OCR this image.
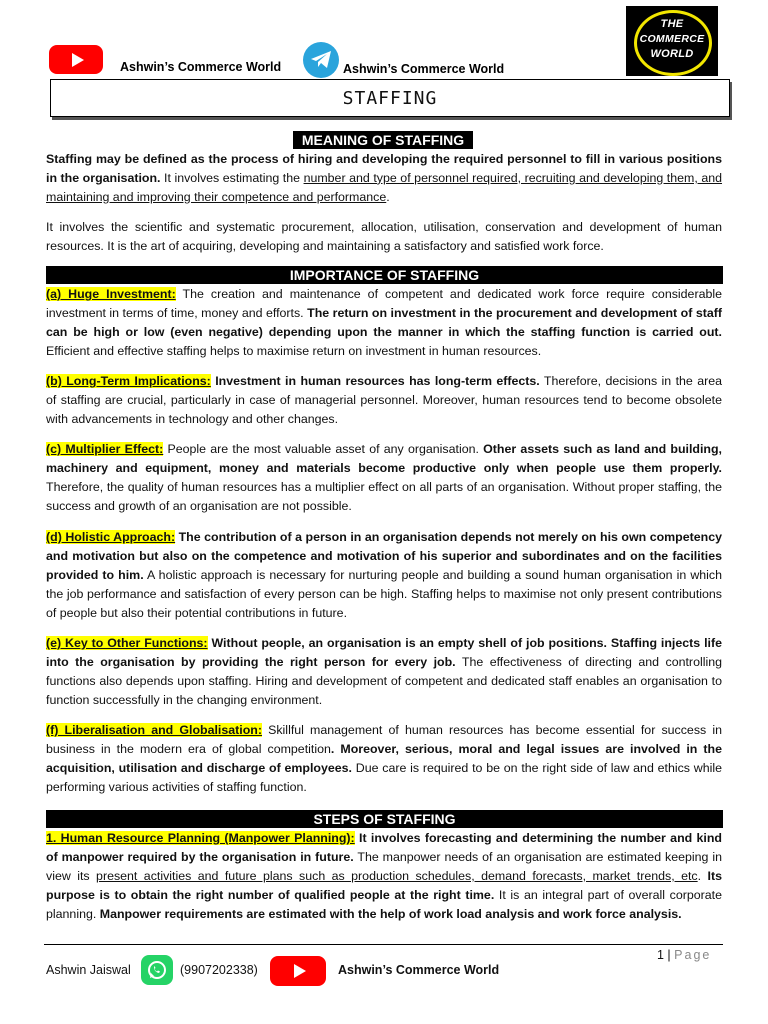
Ashwin’s Commerce World	Ashwin’s Commerce World
THE
COMMERCE
WORLD
STAFFING
MEANING OF STAFFING
Staffing may be defined as the process of hiring and developing the required personnel to fill in various positions in the organisation. It involves estimating the number and type of personnel required, recruiting and developing them, and maintaining and improving their competence and performance.
It involves the scientific and systematic procurement, allocation, utilisation, conservation and development of human resources. It is the art of acquiring, developing and maintaining a satisfactory and satisfied work force.
IMPORTANCE OF STAFFING
(a) Huge Investment: The creation and maintenance of competent and dedicated work force require considerable investment in terms of time, money and efforts. The return on investment in the procurement and development of staff can be high or low (even negative) depending upon the manner in which the staffing function is carried out. Efficient and effective staffing helps to maximise return on investment in human resources.
(b) Long-Term Implications: Investment in human resources has long-term effects. Therefore, decisions in the area of staffing are crucial, particularly in case of managerial personnel. Moreover, human resources tend to become obsolete with advancements in technology and other changes.
(c) Multiplier Effect: People are the most valuable asset of any organisation. Other assets such as land and building, machinery and equipment, money and materials become productive only when people use them properly. Therefore, the quality of human resources has a multiplier effect on all parts of an organisation. Without proper staffing, the success and growth of an organisation are not possible.
(d) Holistic Approach: The contribution of a person in an organisation depends not merely on his own competency and motivation but also on the competence and motivation of his superior and subordinates and on the facilities provided to him. A holistic approach is necessary for nurturing people and building a sound human organisation in which the job performance and satisfaction of every person can be high. Staffing helps to maximise not only present contributions of people but also their potential contributions in future.
(e) Key to Other Functions: Without people, an organisation is an empty shell of job positions. Staffing injects life into the organisation by providing the right person for every job. The effectiveness of directing and controlling functions also depends upon staffing. Hiring and development of competent and dedicated staff enables an organisation to function successfully in the changing environment.
(f) Liberalisation and Globalisation: Skillful management of human resources has become essential for success in business in the modern era of global competition. Moreover, serious, moral and legal issues are involved in the acquisition, utilisation and discharge of employees. Due care is required to be on the right side of law and ethics while performing various activities of staffing function.
STEPS OF STAFFING
1. Human Resource Planning (Manpower Planning): It involves forecasting and determining the number and kind of manpower required by the organisation in future. The manpower needs of an organisation are estimated keeping in view its present activities and future plans such as production schedules, demand forecasts, market trends, etc. Its purpose is to obtain the right number of qualified people at the right time. It is an integral part of overall corporate planning. Manpower requirements are estimated with the help of work load analysis and work force analysis.
1 | Page
Ashwin Jaiswal	(9907202338)	Ashwin’s Commerce World
